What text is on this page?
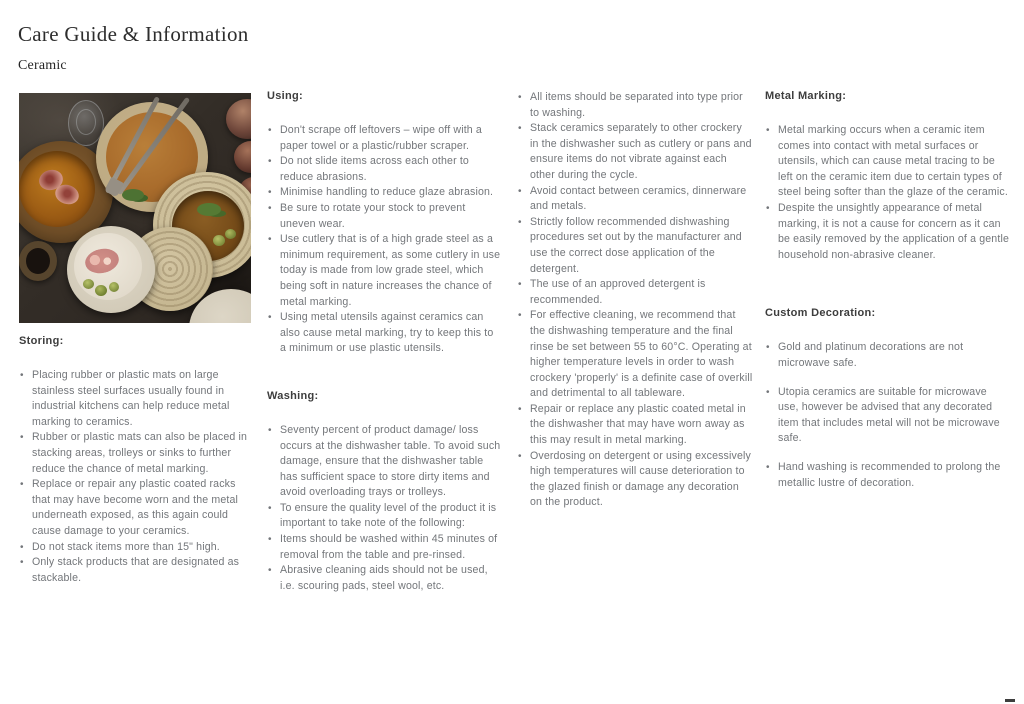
Care Guide & Information
Ceramic
Storing:
• Placing rubber or plastic mats on large stainless steel surfaces usually found in industrial kitchens can help reduce metal marking to ceramics.
• Rubber or plastic mats can also be placed in stacking areas, trolleys or sinks to further reduce the chance of metal marking.
• Replace or repair any plastic coated racks that may have become worn and the metal underneath exposed, as this again could cause damage to your ceramics.
• Do not stack items more than 15" high.
• Only stack products that are designated as stackable.
Using:
• Don't scrape off leftovers – wipe off with a paper towel or a plastic/rubber scraper.
• Do not slide items across each other to reduce abrasions.
• Minimise handling to reduce glaze abrasion.
• Be sure to rotate your stock to prevent uneven wear.
• Use cutlery that is of a high grade steel as a minimum requirement, as some cutlery in use today is made from low grade steel, which being soft in nature increases the chance of metal marking.
• Using metal utensils against ceramics can also cause metal marking, try to keep this to a minimum or use plastic utensils.
Washing:
• Seventy percent of product damage/ loss occurs at the dishwasher table. To avoid such damage, ensure that the dishwasher table has sufficient space to store dirty items and avoid overloading trays or trolleys.
• To ensure the quality level of the product it is important to take note of the following:
• Items should be washed within 45 minutes of removal from the table and pre-rinsed.
• Abrasive cleaning aids should not be used, i.e. scouring pads, steel wool, etc.
• All items should be separated into type prior to washing.
• Stack ceramics separately to other crockery in the dishwasher such as cutlery or pans and ensure items do not vibrate against each other during the cycle.
• Avoid contact between ceramics, dinnerware and metals.
• Strictly follow recommended dishwashing procedures set out by the manufacturer and use the correct dose application of the detergent.
• The use of an approved detergent is recommended.
• For effective cleaning, we recommend that the dishwashing temperature and the final rinse be set between 55 to 60°C. Operating at higher temperature levels in order to wash crockery 'properly' is a definite case of overkill and detrimental to all tableware.
• Repair or replace any plastic coated metal in the dishwasher that may have worn away as this may result in metal marking.
• Overdosing on detergent or using excessively high temperatures will cause deterioration to the glazed finish or damage any decoration on the product.
Metal Marking:
• Metal marking occurs when a ceramic item comes into contact with metal surfaces or utensils, which can cause metal tracing to be left on the ceramic item due to certain types of steel being softer than the glaze of the ceramic.
• Despite the unsightly appearance of metal marking, it is not a cause for concern as it can be easily removed by the application of a gentle household non-abrasive cleaner.
Custom Decoration:
• Gold and platinum decorations are not microwave safe.
• Utopia ceramics are suitable for microwave use, however be advised that any decorated item that includes metal will not be microwave safe.
• Hand washing is recommended to prolong the metallic lustre of decoration.
